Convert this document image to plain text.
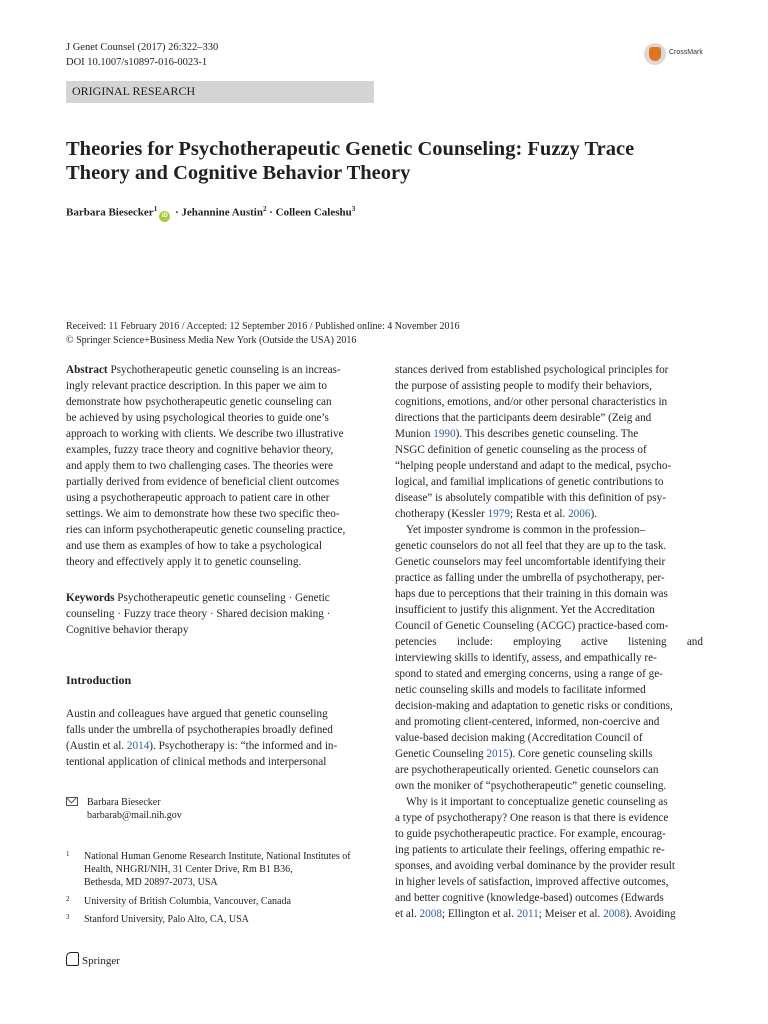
J Genet Counsel (2017) 26:322–330
DOI 10.1007/s10897-016-0023-1
CrossMark
ORIGINAL RESEARCH
Theories for Psychotherapeutic Genetic Counseling: Fuzzy Trace
Theory and Cognitive Behavior Theory
Barbara Biesecker$^1$iD · Jehannine Austin$^2$ · Colleen Caleshu$^3$
Received: 11 February 2016 / Accepted: 12 September 2016 / Published online: 4 November 2016
© Springer Science+Business Media New York (Outside the USA) 2016
Abstract Psychotherapeutic genetic counseling is an increas-
ingly relevant practice description. In this paper we aim to
demonstrate how psychotherapeutic genetic counseling can
be achieved by using psychological theories to guide one’s
approach to working with clients. We describe two illustrative
examples, fuzzy trace theory and cognitive behavior theory,
and apply them to two challenging cases. The theories were
partially derived from evidence of beneficial client outcomes
using a psychotherapeutic approach to patient care in other
settings. We aim to demonstrate how these two specific theo-
ries can inform psychotherapeutic genetic counseling practice,
and use them as examples of how to take a psychological
theory and effectively apply it to genetic counseling.
Keywords Psychotherapeutic genetic counseling · Genetic
counseling · Fuzzy trace theory · Shared decision making ·
Cognitive behavior therapy
Introduction
Austin and colleagues have argued that genetic counseling
falls under the umbrella of psychotherapies broadly defined
(Austin et al. 2014). Psychotherapy is: “the informed and in-
tentional application of clinical methods and interpersonal
Barbara Biesecker
barbarab@mail.nih.gov
1 National Human Genome Research Institute, National Institutes of
Health, NHGRI/NIH, 31 Center Drive, Rm B1 B36,
Bethesda, MD 20897-2073, USA
2 University of British Columbia, Vancouver, Canada
3 Stanford University, Palo Alto, CA, USA
stances derived from established psychological principles for
the purpose of assisting people to modify their behaviors,
cognitions, emotions, and/or other personal characteristics in
directions that the participants deem desirable” (Zeig and
Munion 1990). This describes genetic counseling. The
NSGC definition of genetic counseling as the process of
“helping people understand and adapt to the medical, psycho-
logical, and familial implications of genetic contributions to
disease” is absolutely compatible with this definition of psy-
chotherapy (Kessler 1979; Resta et al. 2006).
Yet imposter syndrome is common in the profession–
genetic counselors do not all feel that they are up to the task.
Genetic counselors may feel uncomfortable identifying their
practice as falling under the umbrella of psychotherapy, per-
haps due to perceptions that their training in this domain was
insufficient to justify this alignment. Yet the Accreditation
Council of Genetic Counseling (ACGC) practice-based com-
petencies include: employing active listening and
interviewing skills to identify, assess, and empathically re-
spond to stated and emerging concerns, using a range of ge-
netic counseling skills and models to facilitate informed
decision-making and adaptation to genetic risks or conditions,
and promoting client-centered, informed, non-coercive and
value-based decision making (Accreditation Council of
Genetic Counseling 2015). Core genetic counseling skills
are psychotherapeutically oriented. Genetic counselors can
own the moniker of “psychotherapeutic” genetic counseling.
Why is it important to conceptualize genetic counseling as
a type of psychotherapy? One reason is that there is evidence
to guide psychotherapeutic practice. For example, encourag-
ing patients to articulate their feelings, offering empathic re-
sponses, and avoiding verbal dominance by the provider result
in higher levels of satisfaction, improved affective outcomes,
and better cognitive (knowledge-based) outcomes (Edwards
et al. 2008; Ellington et al. 2011; Meiser et al. 2008). Avoiding
Springer
